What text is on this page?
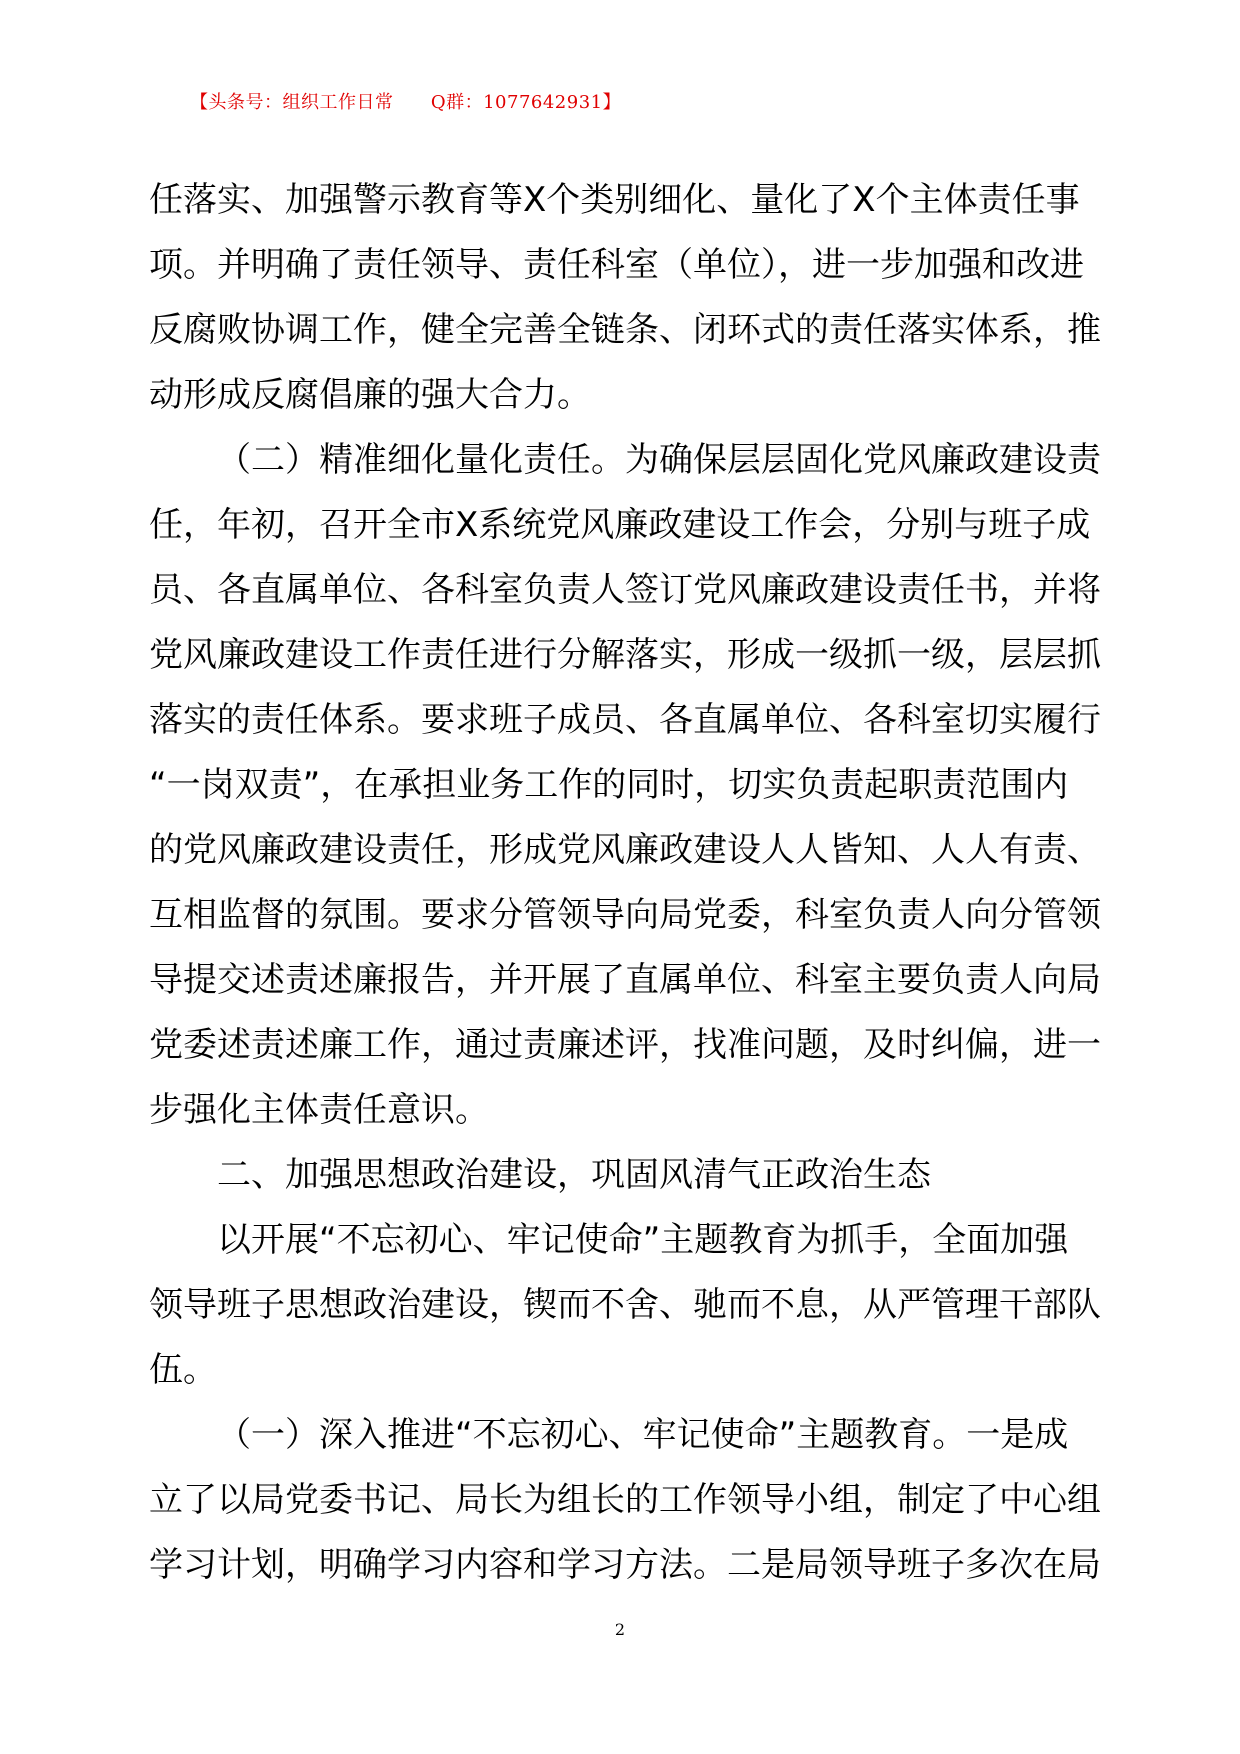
【头条号：组织工作日常      Q群：1077642931】
任落实、加强警示教育等Ⅹ个类别细化、量化了Ⅹ个主体责任事
项。并明确了责任领导、责任科室（单位），进一步加强和改进
反腐败协调工作，健全完善全链条、闭环式的责任落实体系，推
动形成反腐倡廉的强大合力。
（二）精准细化量化责任。为确保层层固化党风廉政建设责
任，年初，召开全市Ⅹ系统党风廉政建设工作会，分别与班子成
员、各直属单位、各科室负责人签订党风廉政建设责任书，并将
党风廉政建设工作责任进行分解落实，形成一级抓一级，层层抓
落实的责任体系。要求班子成员、各直属单位、各科室切实履行
“一岗双责”，在承担业务工作的同时，切实负责起职责范围内
的党风廉政建设责任，形成党风廉政建设人人皆知、人人有责、
互相监督的氛围。要求分管领导向局党委，科室负责人向分管领
导提交述责述廉报告，并开展了直属单位、科室主要负责人向局
党委述责述廉工作，通过责廉述评，找准问题，及时纠偏，进一
步强化主体责任意识。
二、加强思想政治建设，巩固风清气正政治生态
以开展“不忘初心、牢记使命”主题教育为抓手，全面加强
领导班子思想政治建设，锲而不舍、驰而不息，从严管理干部队
伍。
（一）深入推进“不忘初心、牢记使命”主题教育。一是成
立了以局党委书记、局长为组长的工作领导小组，制定了中心组
学习计划，明确学习内容和学习方法。二是局领导班子多次在局
2
